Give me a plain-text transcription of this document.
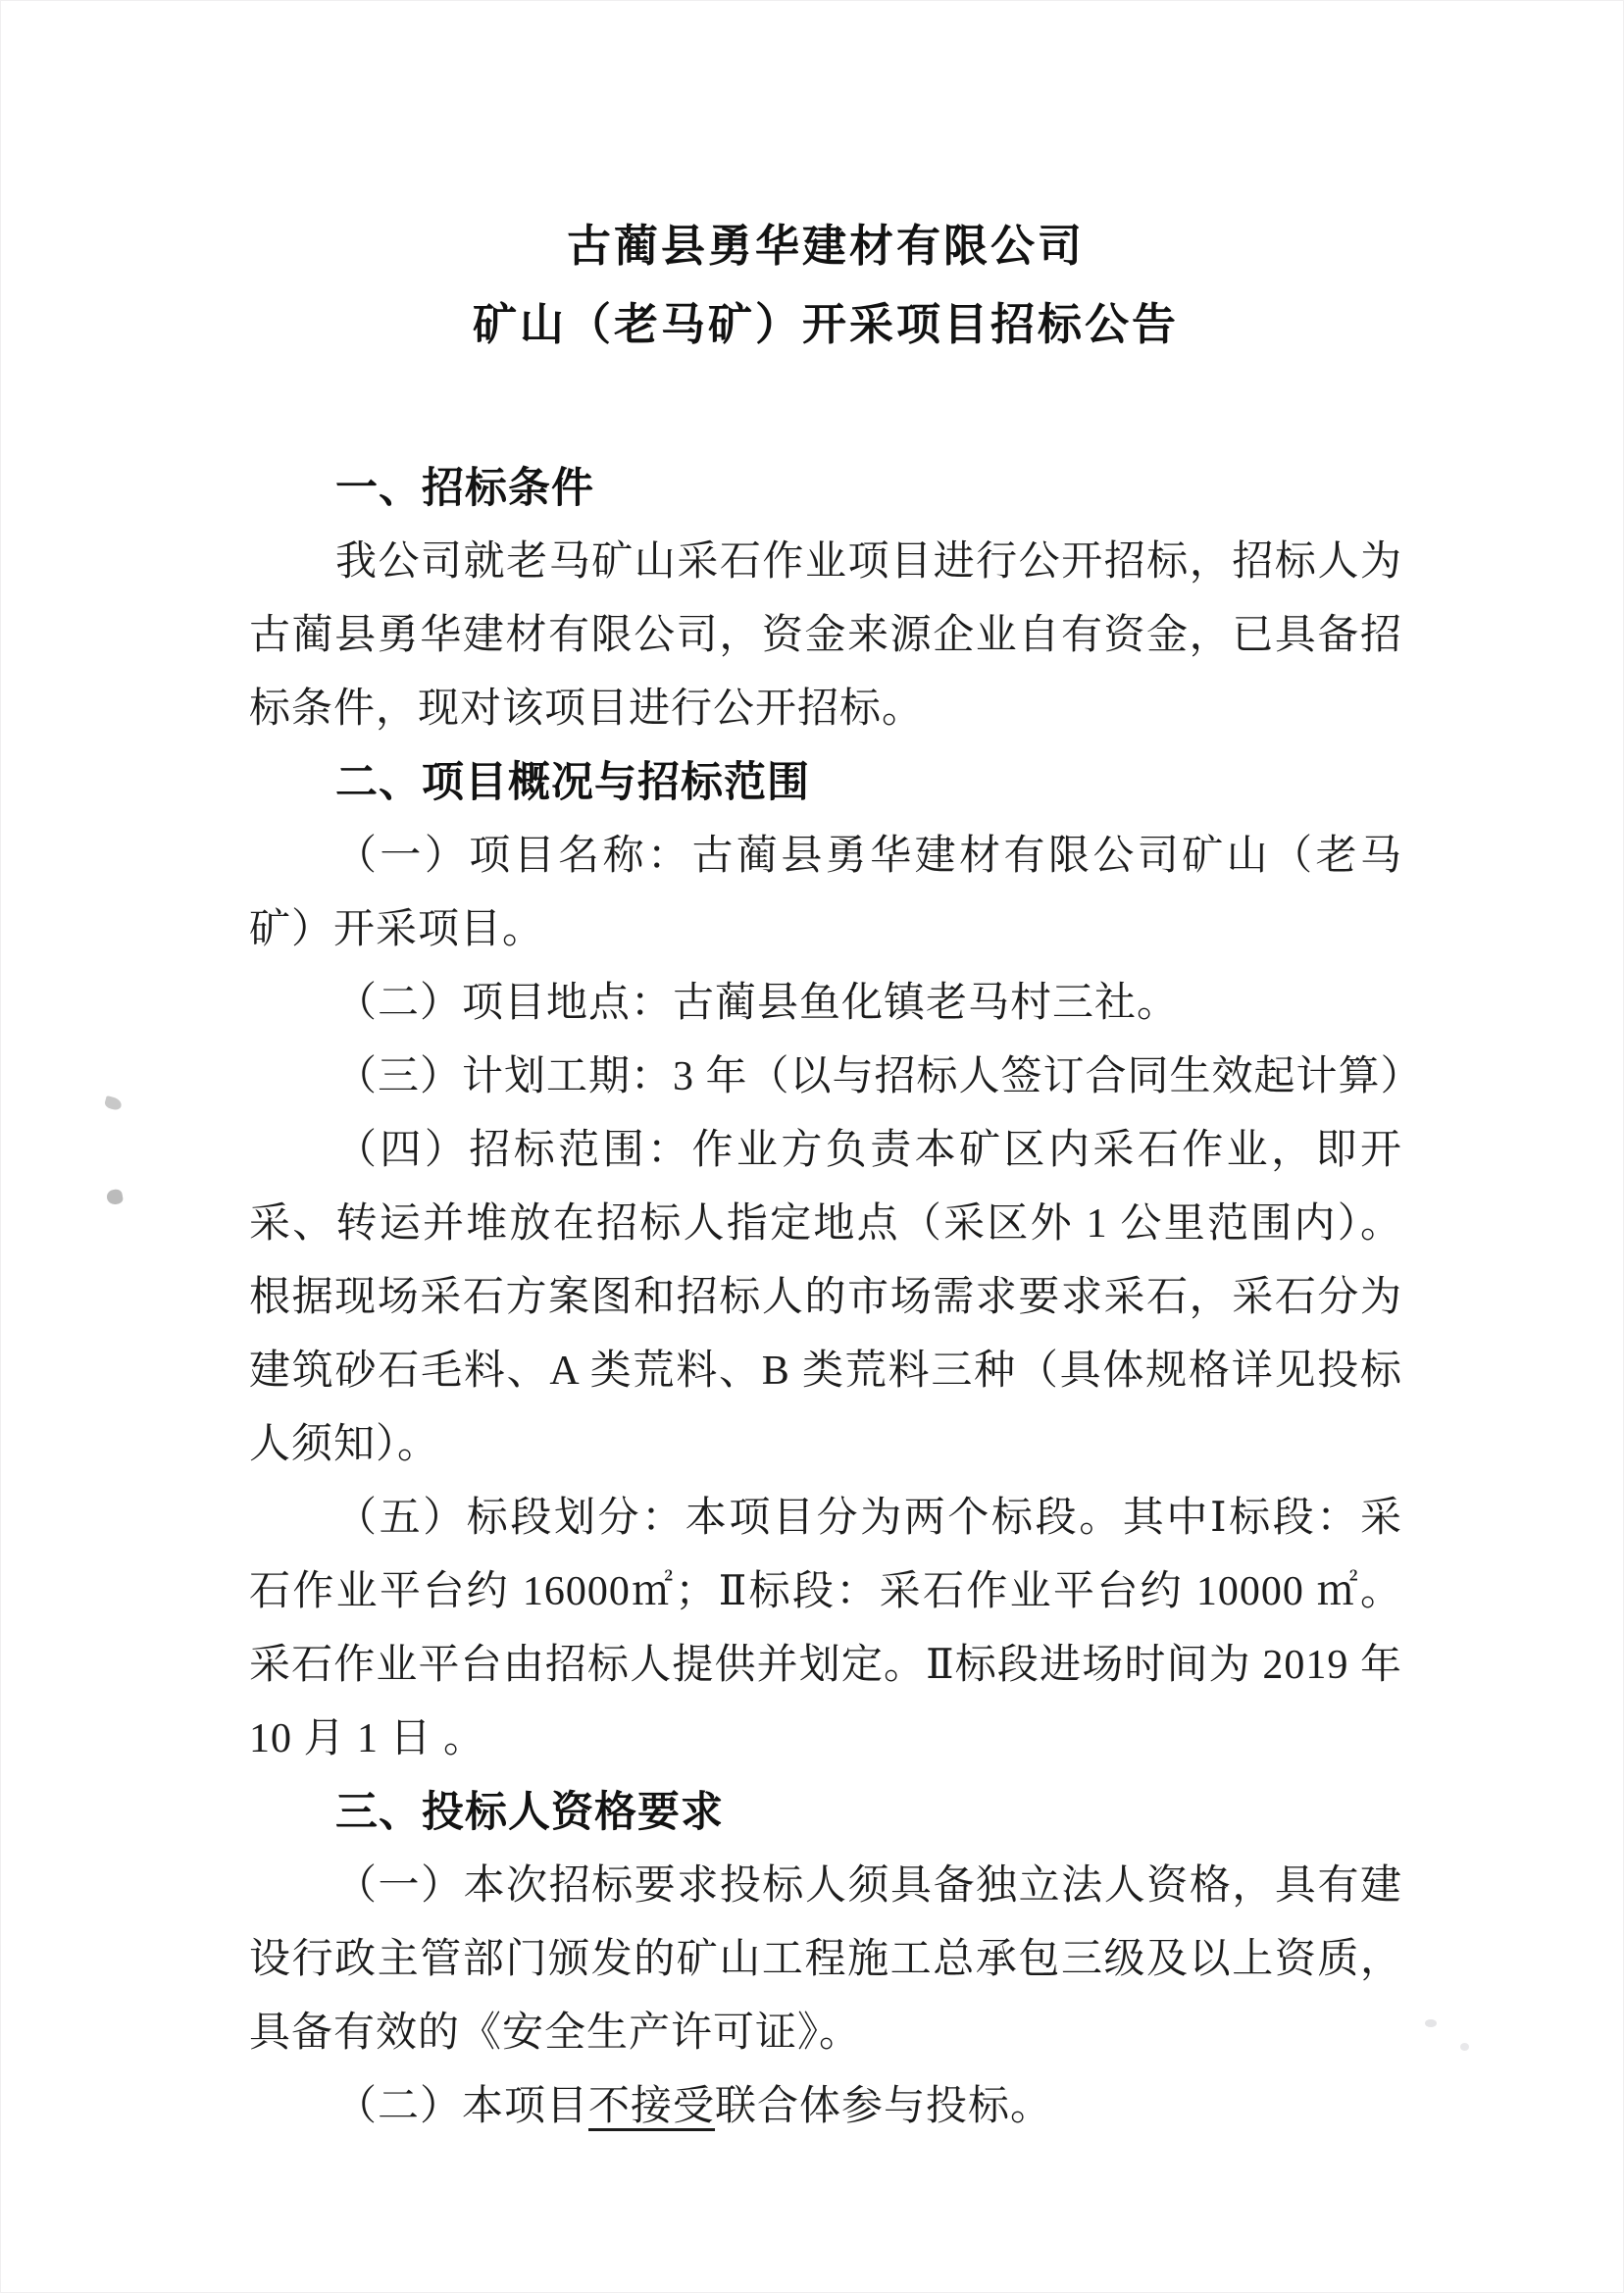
古蔺县勇华建材有限公司
矿山（老马矿）开采项目招标公告
一、招标条件

我公司就老马矿山采石作业项目进行公开招标，招标人为古蔺县勇华建材有限公司，资金来源企业自有资金，已具备招标条件，现对该项目进行公开招标。

二、项目概况与招标范围

（一）项目名称：古蔺县勇华建材有限公司矿山（老马矿）开采项目。

（二）项目地点：古蔺县鱼化镇老马村三社。

（三）计划工期：3 年（以与招标人签订合同生效起计算）

（四）招标范围：作业方负责本矿区内采石作业，即开采、转运并堆放在招标人指定地点（采区外 1 公里范围内）。根据现场采石方案图和招标人的市场需求要求采石，采石分为建筑砂石毛料、A 类荒料、B 类荒料三种（具体规格详见投标人须知）。

（五）标段划分：本项目分为两个标段。其中Ⅰ标段：采石作业平台约 16000㎡；Ⅱ标段：采石作业平台约 10000 ㎡。采石作业平台由招标人提供并划定。Ⅱ标段进场时间为 2019 年 10 月 1 日 。

三、投标人资格要求

（一）本次招标要求投标人须具备独立法人资格，具有建设行政主管部门颁发的矿山工程施工总承包三级及以上资质，具备有效的《安全生产许可证》。

（二）本项目不接受联合体参与投标。
